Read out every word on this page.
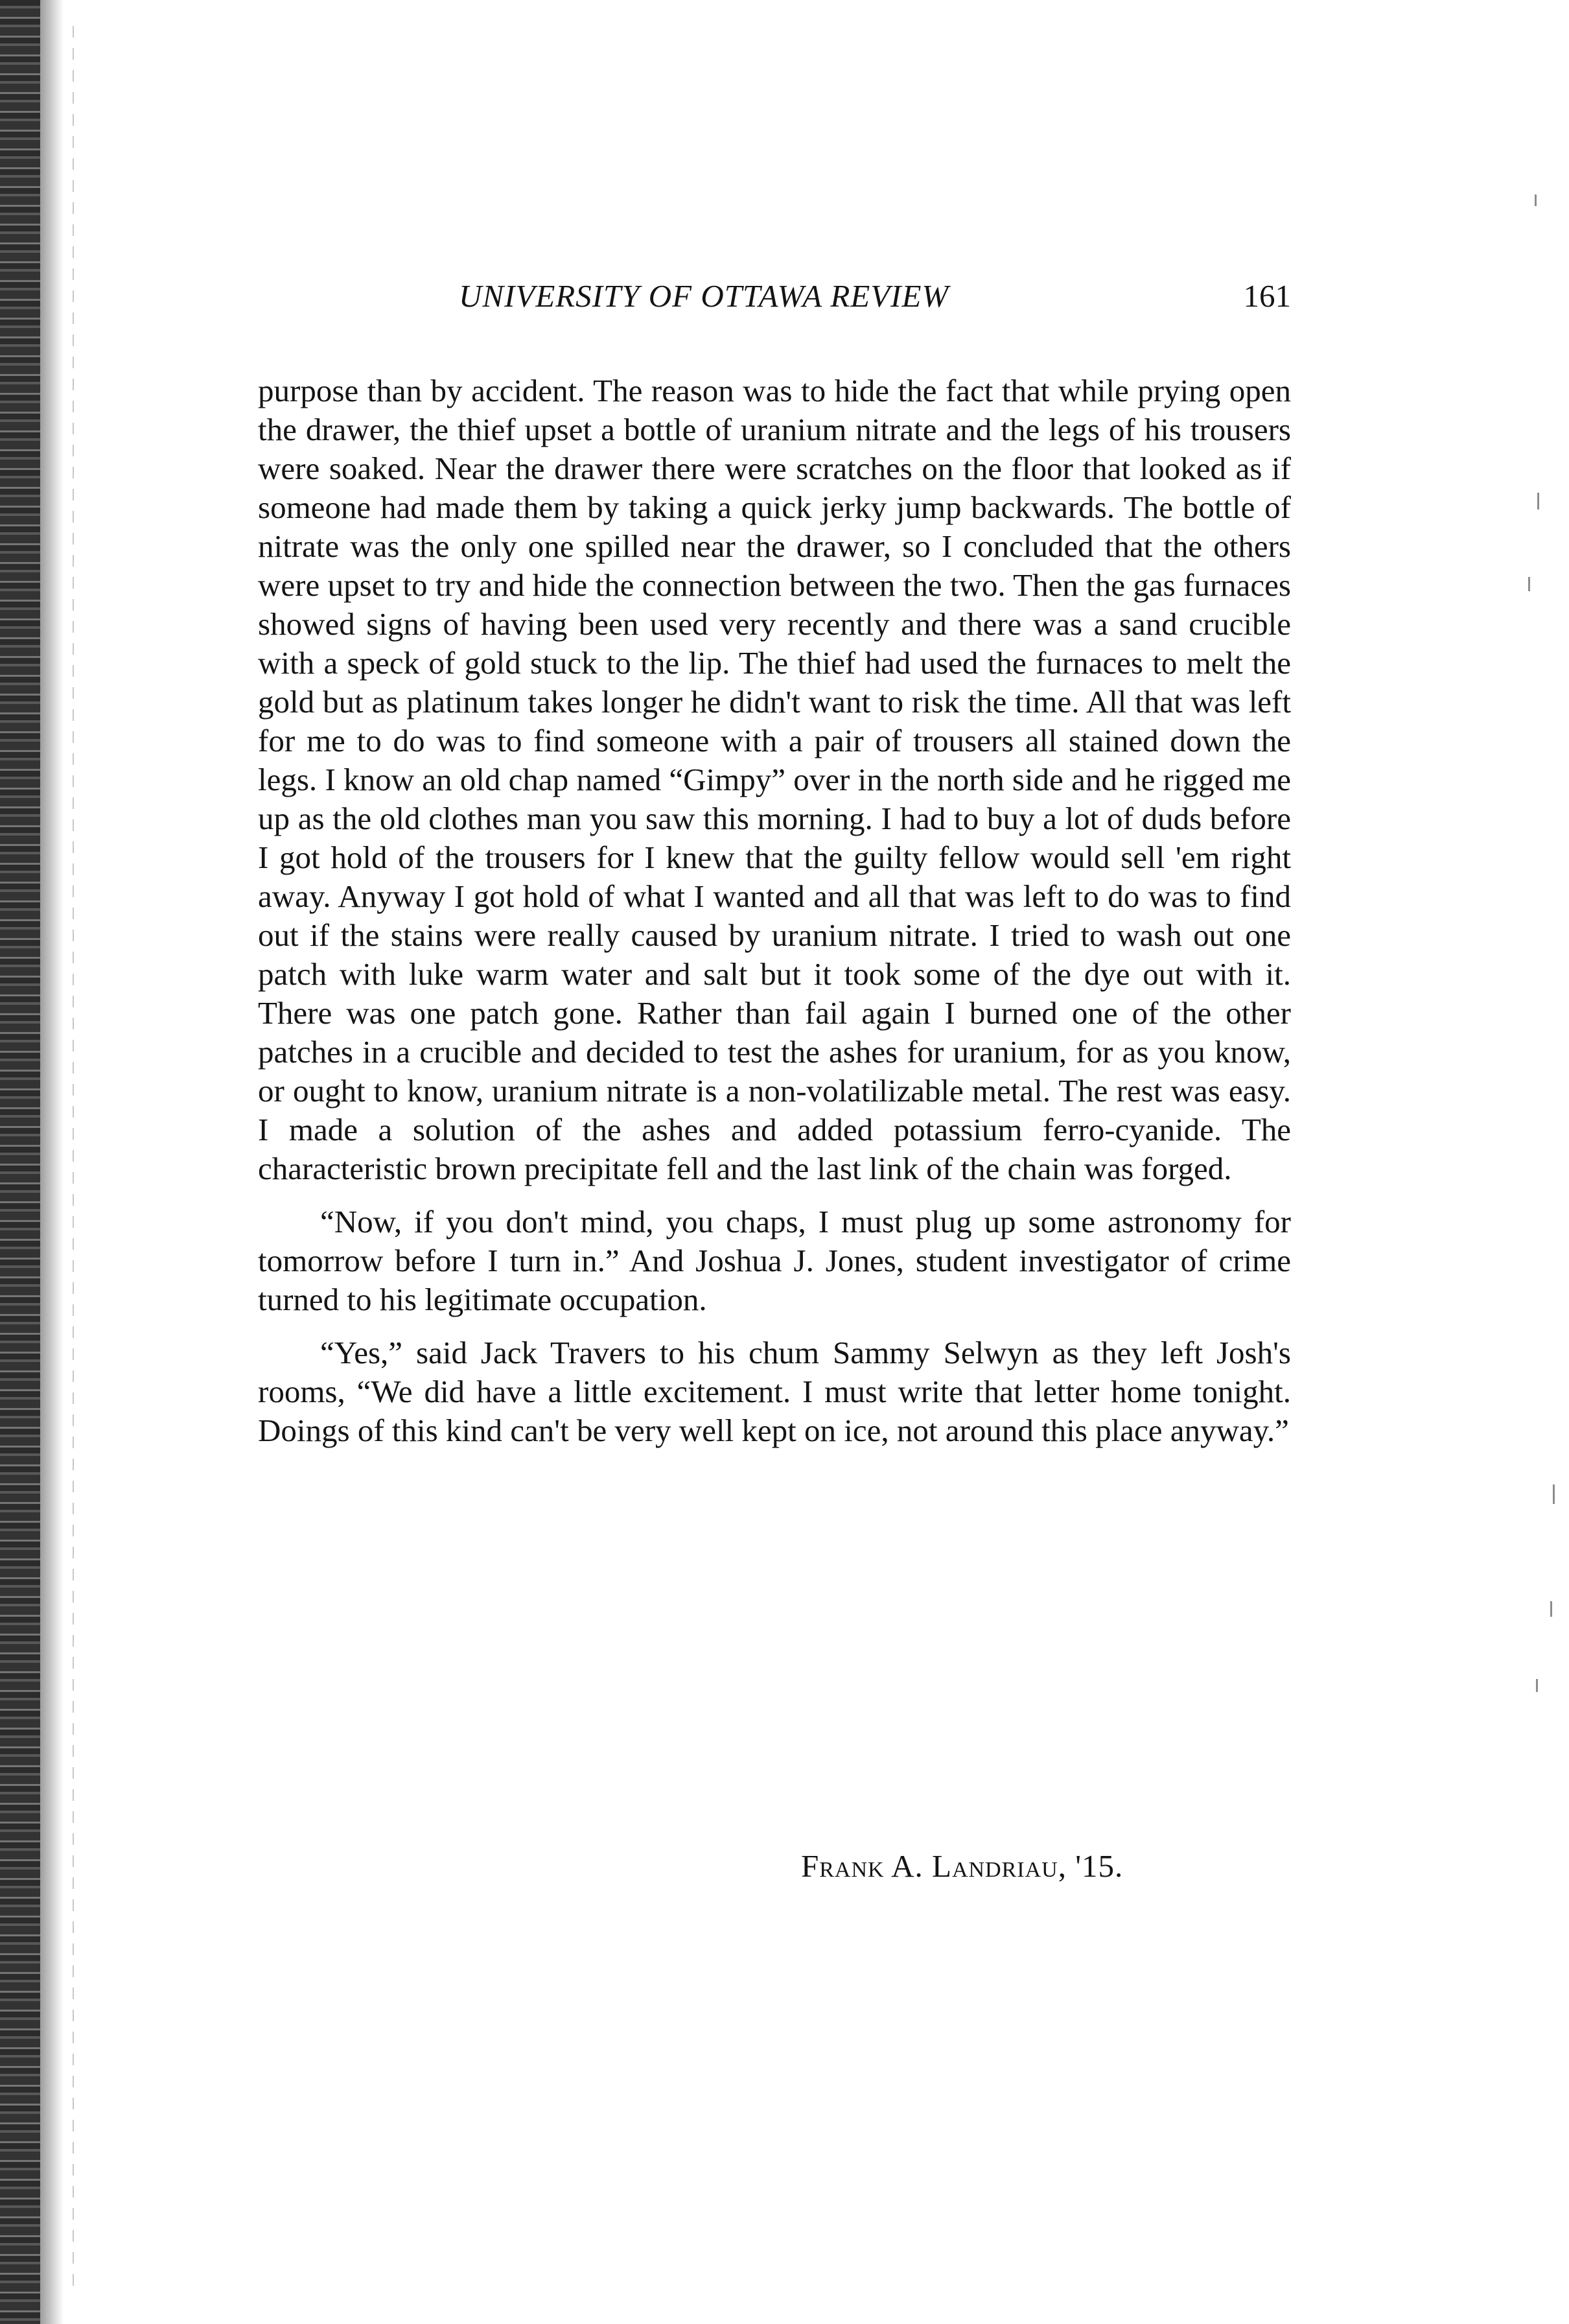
UNIVERSITY OF OTTAWA REVIEW	161

purpose than by accident. The reason was to hide the fact that while prying open the drawer, the thief upset a bottle of uranium nitrate and the legs of his trousers were soaked. Near the drawer there were scratches on the floor that looked as if someone had made them by taking a quick jerky jump backwards. The bottle of nitrate was the only one spilled near the drawer, so I concluded that the others were upset to try and hide the connection between the two. Then the gas furnaces showed signs of having been used very recently and there was a sand crucible with a speck of gold stuck to the lip. The thief had used the furnaces to melt the gold but as platinum takes longer he didn't want to risk the time. All that was left for me to do was to find someone with a pair of trousers all stained down the legs. I know an old chap named “Gimpy” over in the north side and he rigged me up as the old clothes man you saw this morning. I had to buy a lot of duds before I got hold of the trousers for I knew that the guilty fellow would sell 'em right away. Anyway I got hold of what I wanted and all that was left to do was to find out if the stains were really caused by uranium nitrate. I tried to wash out one patch with luke warm water and salt but it took some of the dye out with it. There was one patch gone. Rather than fail again I burned one of the other patches in a crucible and decided to test the ashes for uranium, for as you know, or ought to know, uranium nitrate is a non-volatilizable metal. The rest was easy. I made a solution of the ashes and added potassium ferro-cyanide. The characteristic brown precipitate fell and the last link of the chain was forged.

“Now, if you don't mind, you chaps, I must plug up some astronomy for tomorrow before I turn in.” And Joshua J. Jones, student investigator of crime turned to his legitimate occupation.

“Yes,” said Jack Travers to his chum Sammy Selwyn as they left Josh's rooms, “We did have a little excitement. I must write that letter home tonight. Doings of this kind can't be very well kept on ice, not around this place anyway.”

Frank A. Landriau, '15.
